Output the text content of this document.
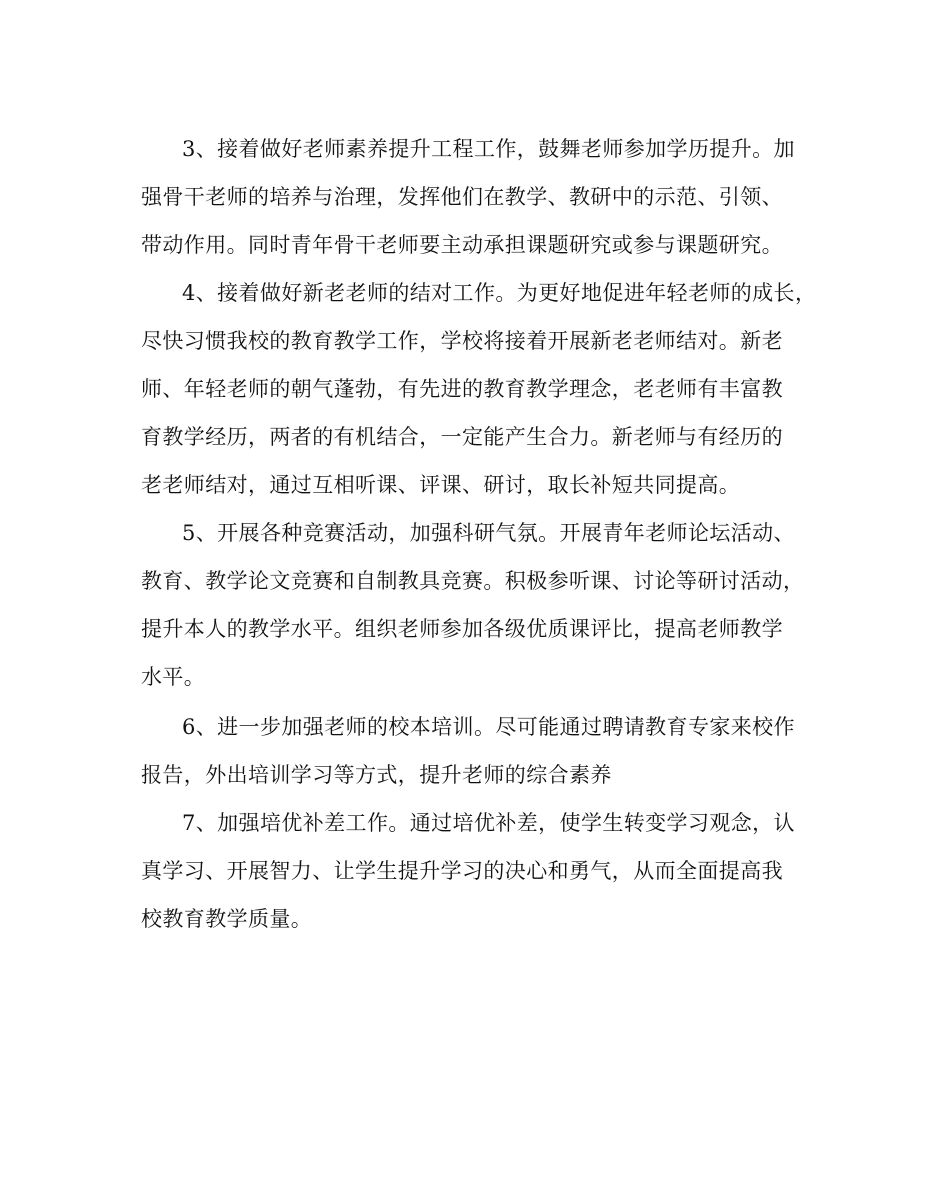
3、接着做好老师素养提升工程工作，鼓舞老师参加学历提升。加
强骨干老师的培养与治理，发挥他们在教学、教研中的示范、引领、
带动作用。同时青年骨干老师要主动承担课题研究或参与课题研究。
4、接着做好新老老师的结对工作。为更好地促进年轻老师的成长，
尽快习惯我校的教育教学工作，学校将接着开展新老老师结对。新老
师、年轻老师的朝气蓬勃，有先进的教育教学理念，老老师有丰富教
育教学经历，两者的有机结合，一定能产生合力。新老师与有经历的
老老师结对，通过互相听课、评课、研讨，取长补短共同提高。
5、开展各种竞赛活动，加强科研气氛。开展青年老师论坛活动、
教育、教学论文竞赛和自制教具竞赛。积极参听课、讨论等研讨活动，
提升本人的教学水平。组织老师参加各级优质课评比，提高老师教学
水平。
6、进一步加强老师的校本培训。尽可能通过聘请教育专家来校作
报告，外出培训学习等方式，提升老师的综合素养
7、加强培优补差工作。通过培优补差，使学生转变学习观念，认
真学习、开展智力、让学生提升学习的决心和勇气，从而全面提高我
校教育教学质量。
